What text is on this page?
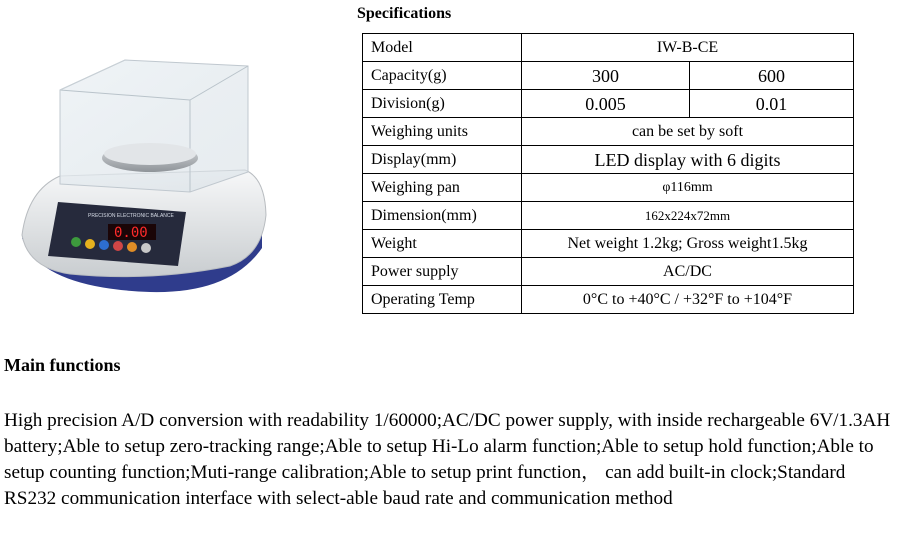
PRECISION ELECTRONIC BALANCE
0.00
Specifications
Model	IW-B-CE	
Capacity(g)	300	600
Division(g)	0.005	0.01
Weighing units	can be set by soft	
Display(mm)	LED display with 6 digits	
Weighing pan	φ116mm	
Dimension(mm)	162x224x72mm	
Weight	Net weight 1.2kg; Gross weight1.5kg	
Power supply	AC/DC	
Operating Temp	0°C to +40°C / +32°F to +104°F	
Main functions
High precision A/D conversion with readability 1/60000;AC/DC power supply, with inside rechargeable 6V/1.3AH battery;Able to setup zero-tracking range;Able to setup Hi-Lo alarm function;Able to setup hold function;Able to setup counting function;Muti-range calibration;Able to setup print function， can add built-in clock;Standard RS232 communication interface with select-able baud rate and communication method
